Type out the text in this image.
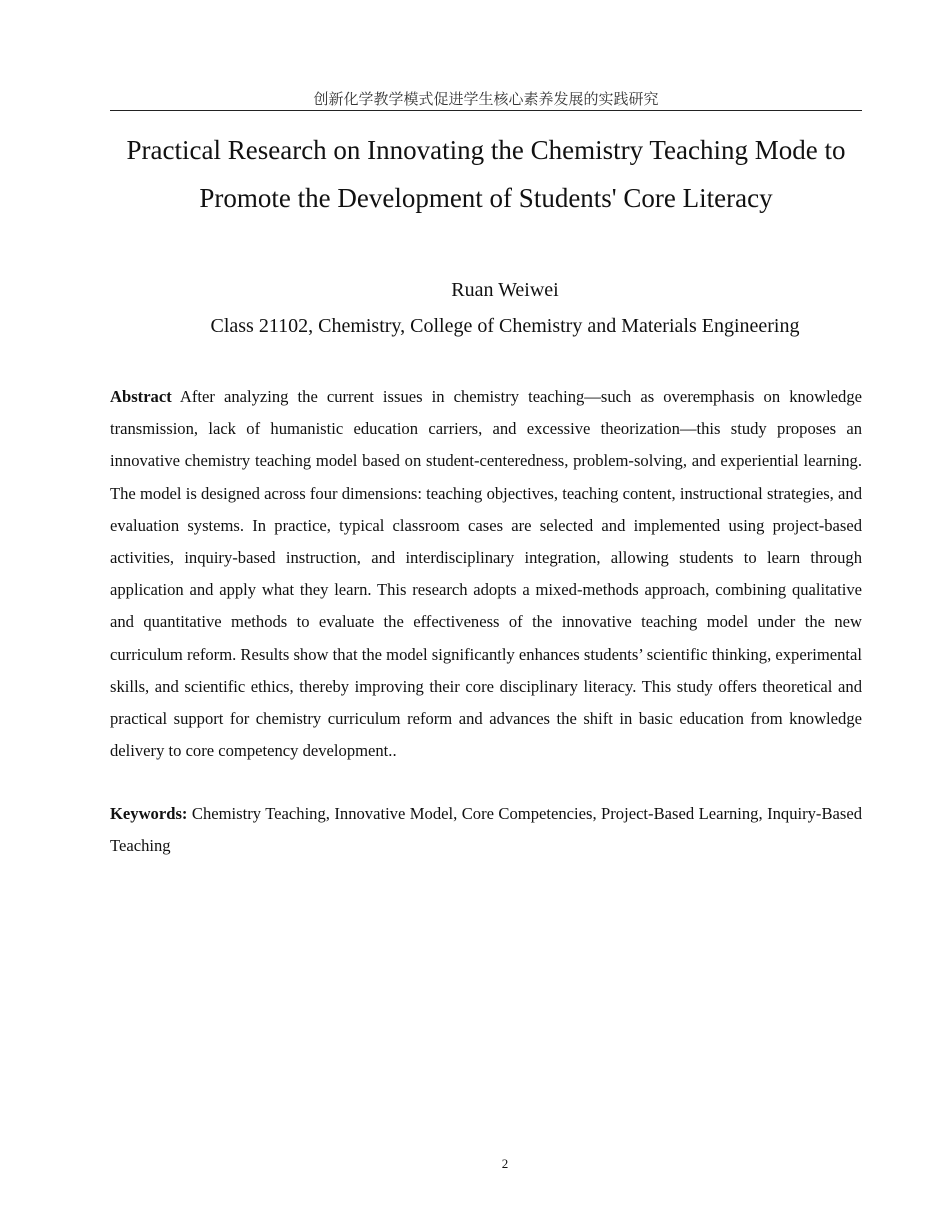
创新化学教学模式促进学生核心素养发展的实践研究
Practical Research on Innovating the Chemistry Teaching Mode to Promote the Development of Students' Core Literacy
Ruan Weiwei
Class 21102, Chemistry, College of Chemistry and Materials Engineering

Abstract After analyzing the current issues in chemistry teaching—such as overemphasis on knowledge transmission, lack of humanistic education carriers, and excessive theorization—this study proposes an innovative chemistry teaching model based on student-centeredness, problem-solving, and experiential learning. The model is designed across four dimensions: teaching objectives, teaching content, instructional strategies, and evaluation systems. In practice, typical classroom cases are selected and implemented using project-based activities, inquiry-based instruction, and interdisciplinary integration, allowing students to learn through application and apply what they learn. This research adopts a mixed-methods approach, combining qualitative and quantitative methods to evaluate the effectiveness of the innovative teaching model under the new curriculum reform. Results show that the model significantly enhances students’ scientific thinking, experimental skills, and scientific ethics, thereby improving their core disciplinary literacy. This study offers theoretical and practical support for chemistry curriculum reform and advances the shift in basic education from knowledge delivery to core competency development..

Keywords: Chemistry Teaching, Innovative Model, Core Competencies, Project-Based Learning, Inquiry-Based Teaching

2
